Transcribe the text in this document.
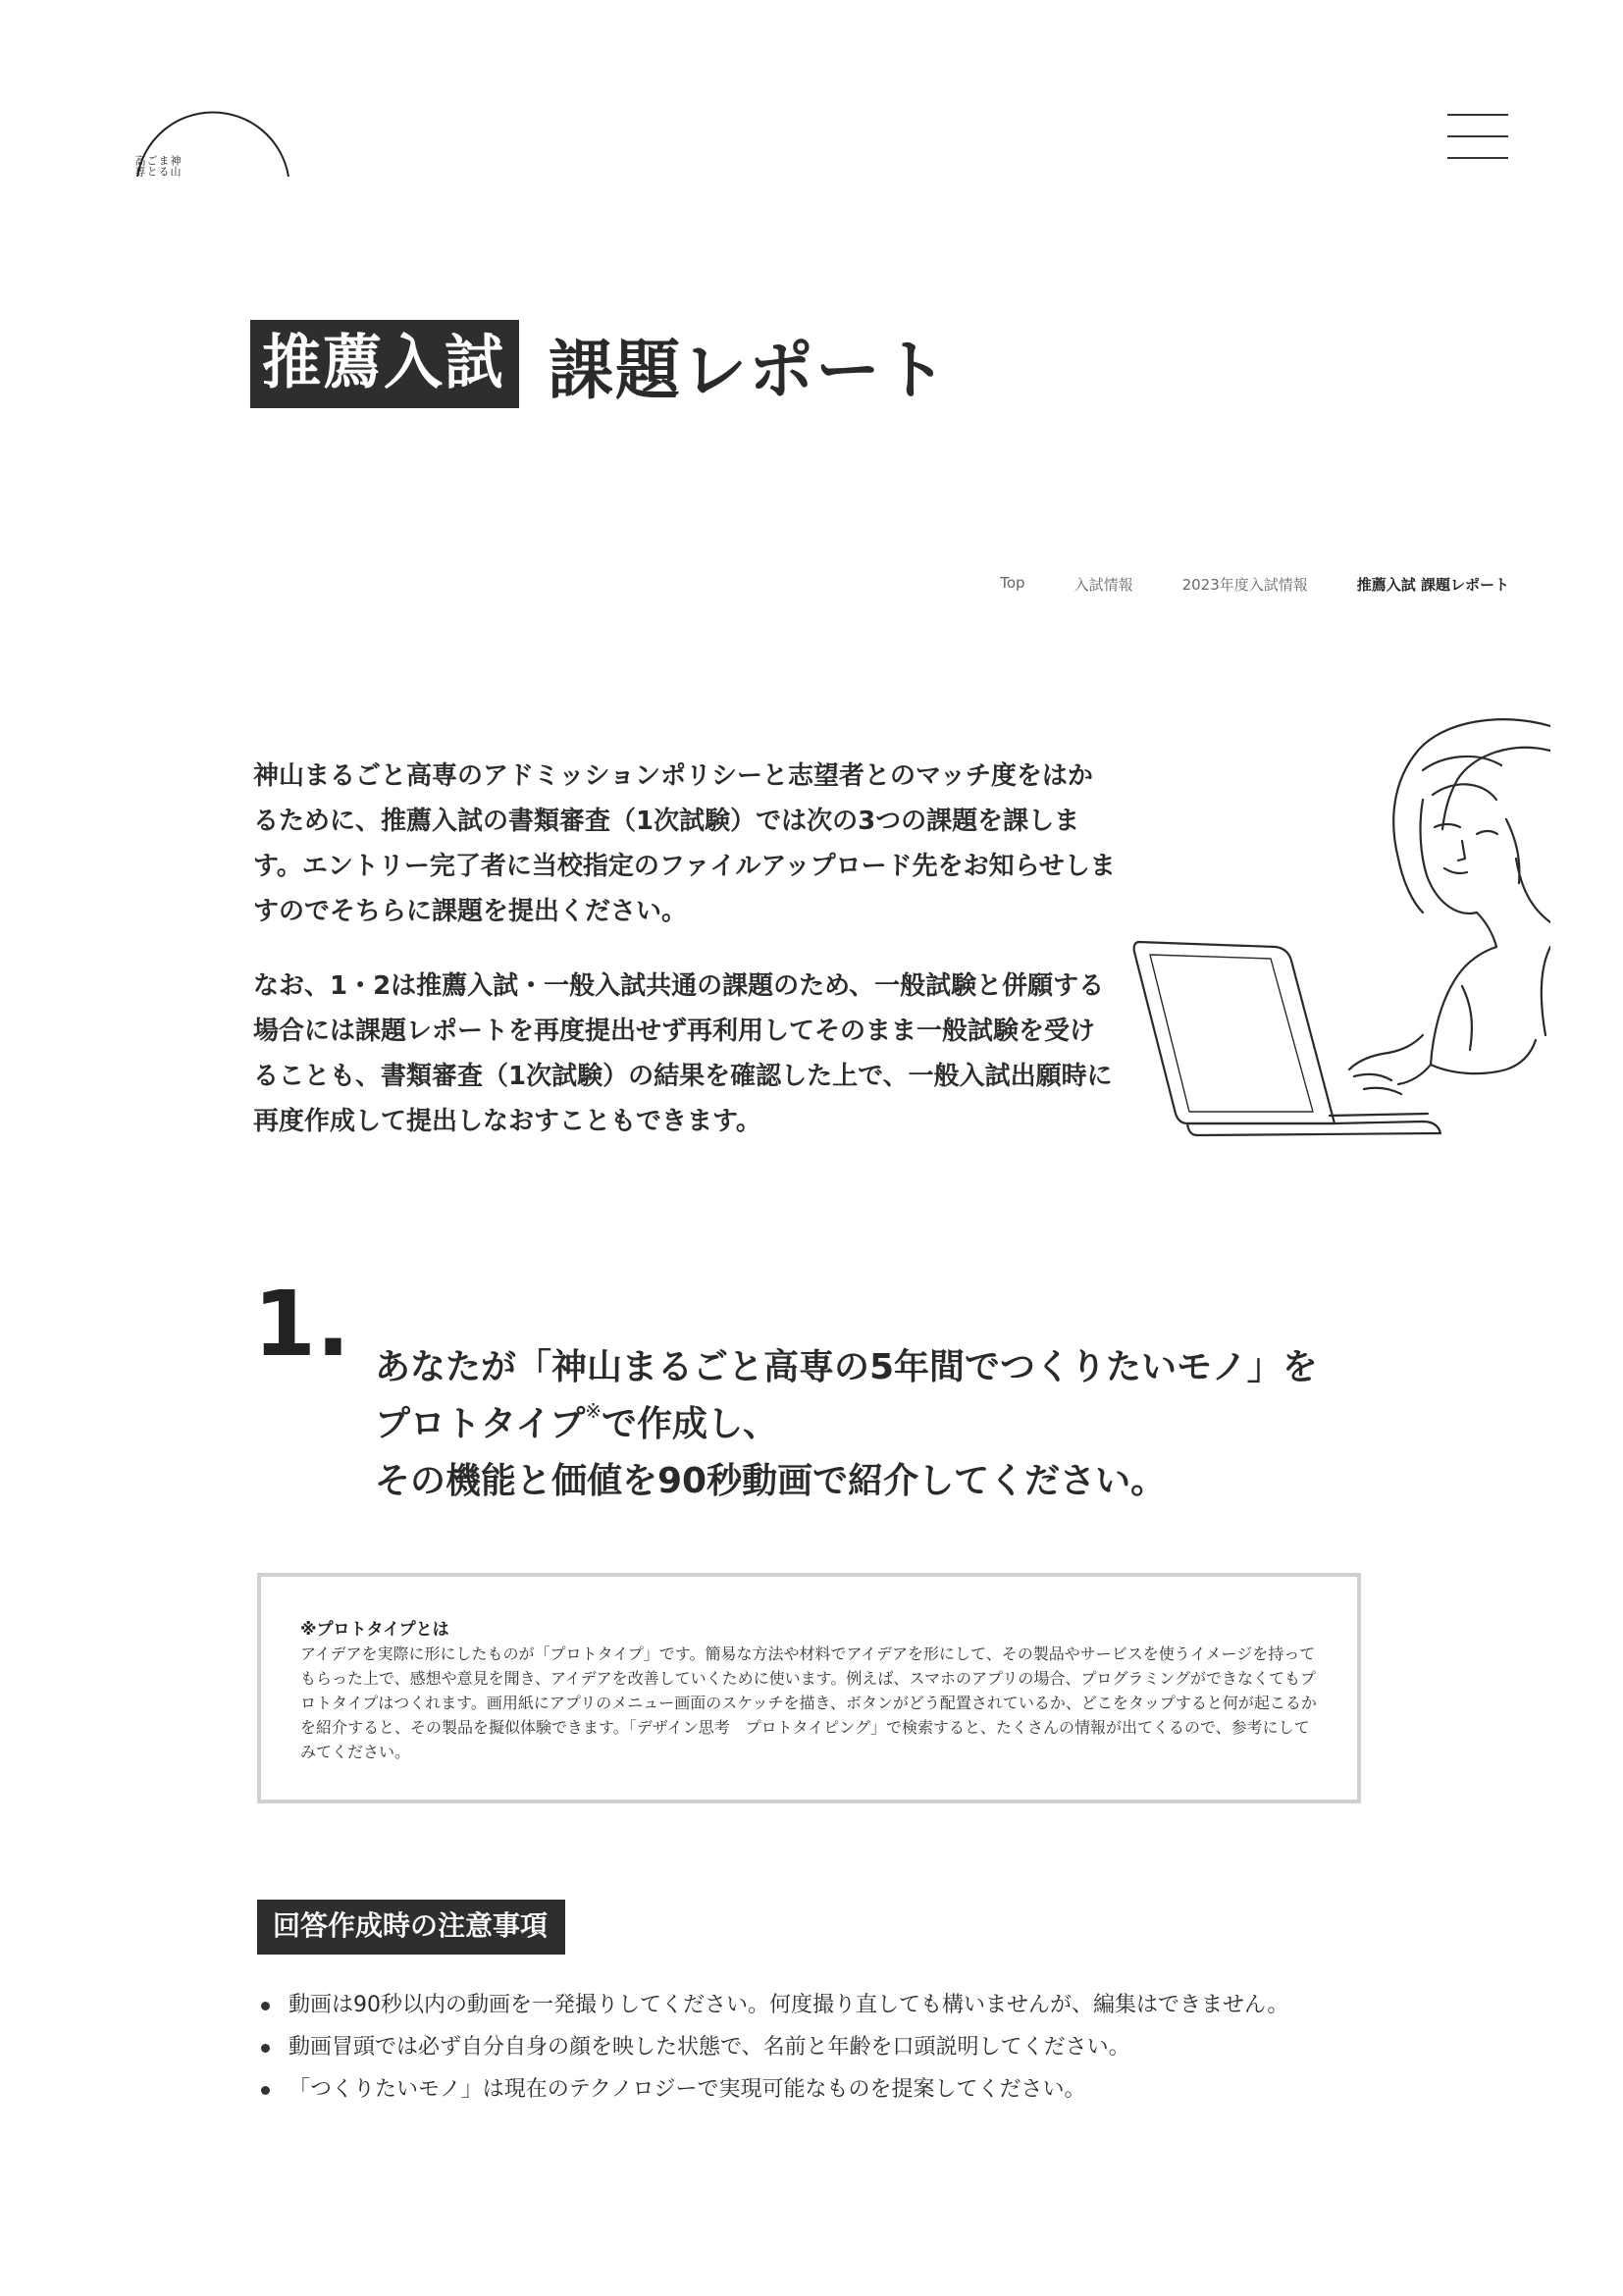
神山まるごと高専
推薦入試 課題レポート
Top	入試情報	2023年度入試情報	推薦入試 課題レポート

神山まるごと高専のアドミッションポリシーと志望者とのマッチ度をはかるために、推薦入試の書類審査（1次試験）では次の3つの課題を課します。エントリー完了者に当校指定のファイルアップロード先をお知らせしますのでそちらに課題を提出ください。

なお、1・2は推薦入試・一般入試共通の課題のため、一般試験と併願する場合には課題レポートを再度提出せず再利用してそのまま一般試験を受けることも、書類審査（1次試験）の結果を確認した上で、一般入試出願時に再度作成して提出しなおすこともできます。

1. あなたが「神山まるごと高専の5年間でつくりたいモノ」を
プロトタイプ※で作成し、
その機能と価値を90秒動画で紹介してください。
※プロトタイプとは
アイデアを実際に形にしたものが「プロトタイプ」です。簡易な方法や材料でアイデアを形にして、その製品やサービスを使うイメージを持ってもらった上で、感想や意見を聞き、アイデアを改善していくために使います。例えば、スマホのアプリの場合、プログラミングができなくてもプロトタイプはつくれます。画用紙にアプリのメニュー画面のスケッチを描き、ボタンがどう配置されているか、どこをタップすると何が起こるかを紹介すると、その製品を擬似体験できます。「デザイン思考　プロトタイピング」で検索すると、たくさんの情報が出てくるので、参考にしてみてください。
回答作成時の注意事項
動画は90秒以内の動画を一発撮りしてください。何度撮り直しても構いませんが、編集はできません。
動画冒頭では必ず自分自身の顔を映した状態で、名前と年齢を口頭説明してください。
「つくりたいモノ」は現在のテクノロジーで実現可能なものを提案してください。
